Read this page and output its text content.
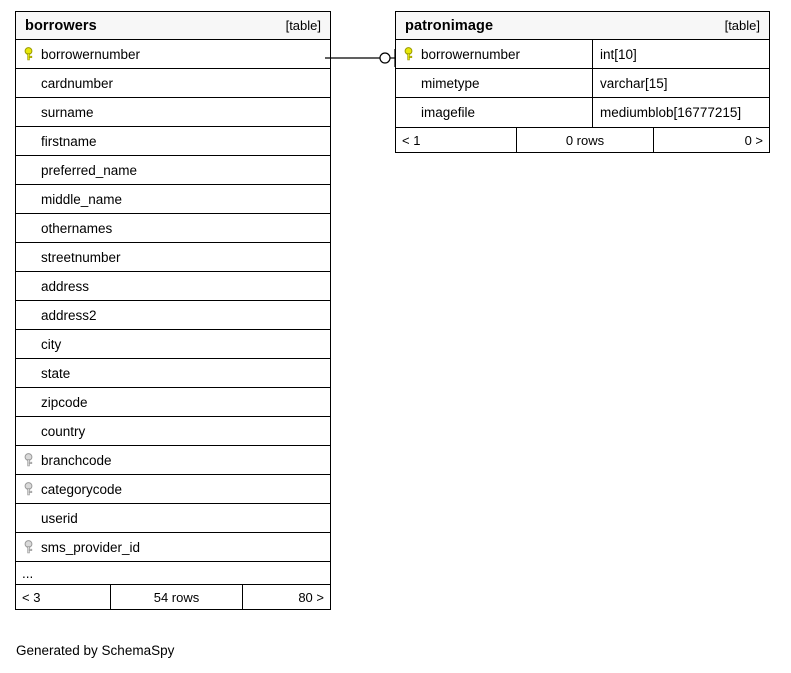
borrowers	[table]
borrowernumber
cardnumber
surname
firstname
preferred_name
middle_name
othernames
streetnumber
address
address2
city
state
zipcode
country
branchcode
categorycode
userid
sms_provider_id
...
< 3	54 rows	80 >
patronimage	[table]
borrowernumber	int[10]
mimetype	varchar[15]
imagefile	mediumblob[16777215]
< 1	0 rows	0 >
Generated by SchemaSpy
